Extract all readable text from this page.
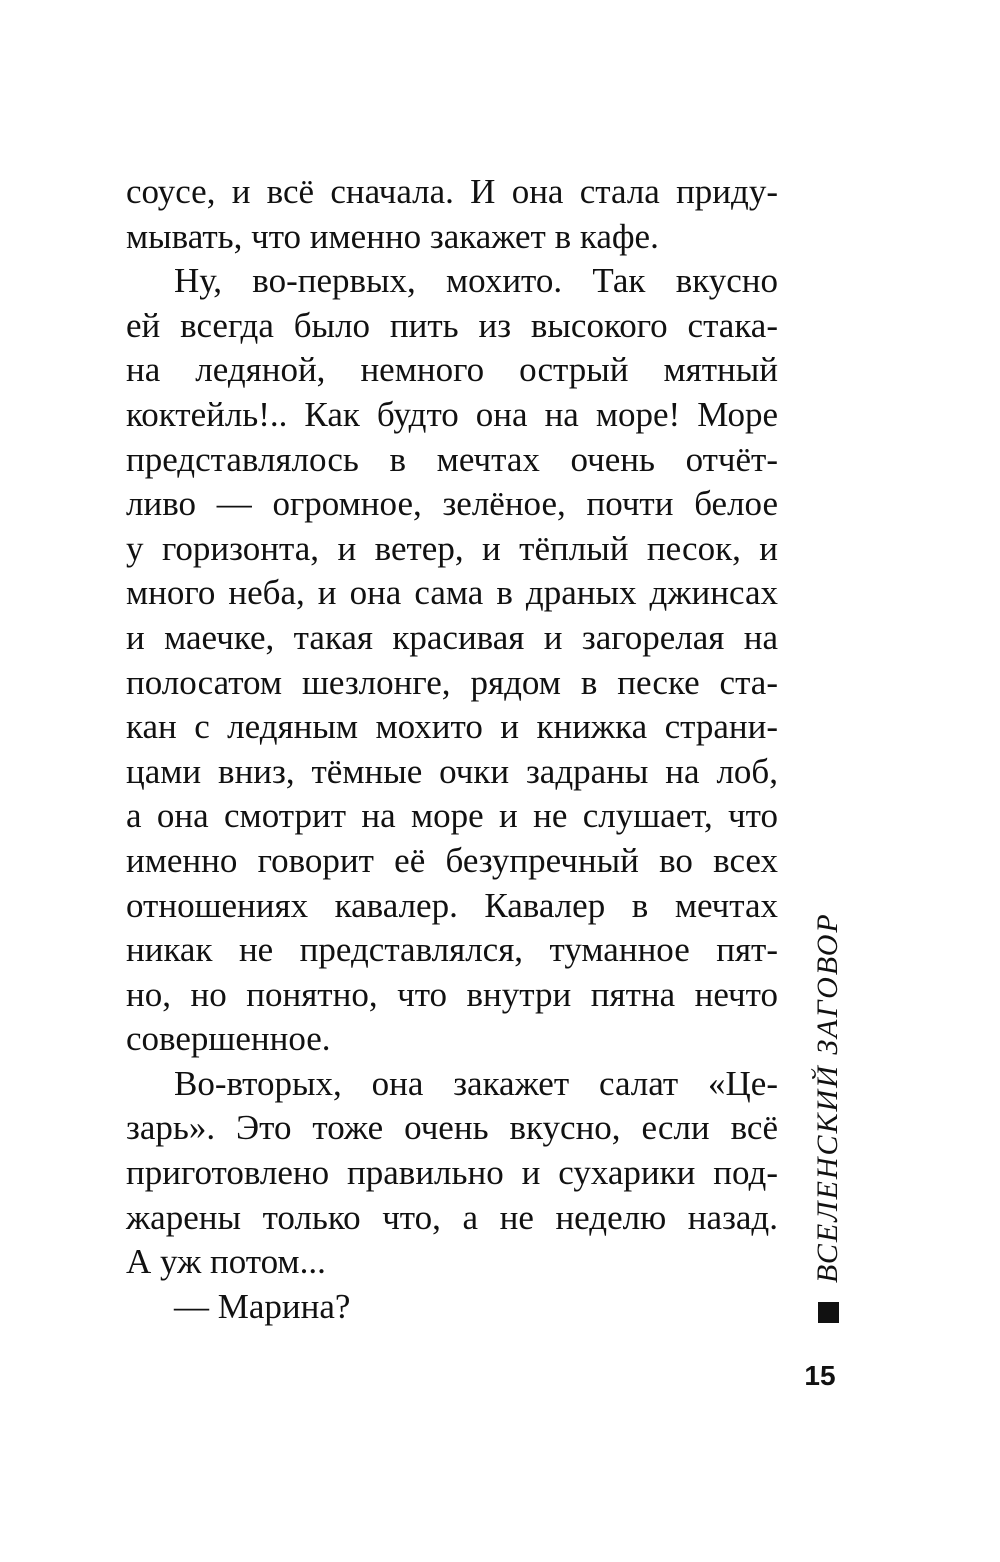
соусе, и всё сначала. И она стала приду-
мывать, что именно закажет в кафе.
Ну, во-первых, мохито. Так вкусно
ей всегда было пить из высокого стака-
на ледяной, немного острый мятный
коктейль!.. Как будто она на море! Море
представлялось в мечтах очень отчёт-
ливо — огромное, зелёное, почти белое
у горизонта, и ветер, и тёплый песок, и
много неба, и она сама в драных джинсах
и маечке, такая красивая и загорелая на
полосатом шезлонге, рядом в песке ста-
кан с ледяным мохито и книжка страни-
цами вниз, тёмные очки задраны на лоб,
а она смотрит на море и не слушает, что
именно говорит её безупречный во всех
отношениях кавалер. Кавалер в мечтах
никак не представлялся, туманное пят-
но, но понятно, что внутри пятна нечто
совершенное.
Во-вторых, она закажет салат «Це-
зарь». Это тоже очень вкусно, если всё
приготовлено правильно и сухарики под-
жарены только что, а не неделю назад.
А уж потом...
— Марина?
ВСЕЛЕНСКИЙ ЗАГОВОР
15
